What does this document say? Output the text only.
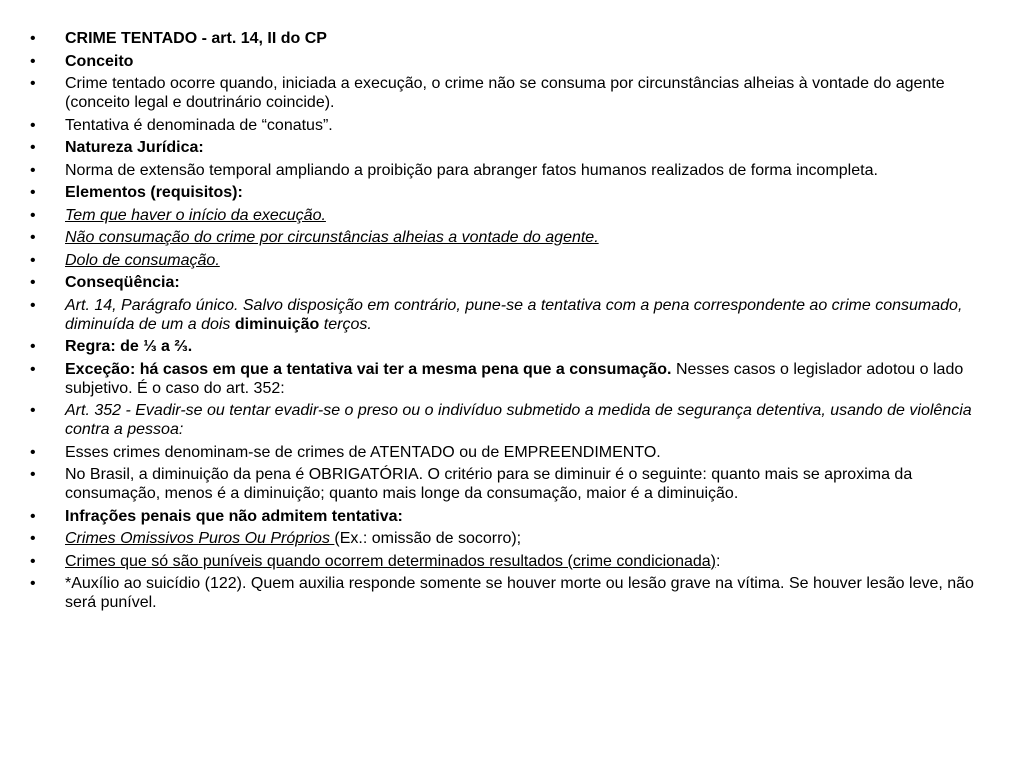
•	CRIME TENTADO - art. 14, II do CP
•	Conceito
•	Crime tentado ocorre quando, iniciada a execução, o crime não se consuma por circunstâncias alheias à vontade do agente (conceito legal e doutrinário coincide).
•	Tentativa é denominada de “conatus”.
•	Natureza Jurídica:
•	Norma de extensão temporal ampliando a proibição para abranger fatos humanos realizados de forma incompleta.
•	Elementos (requisitos):
•	Tem que haver o início da execução.
•	Não consumação do crime por circunstâncias alheias a vontade do agente.
•	Dolo de consumação.
•	Conseqüência:
•	Art. 14, Parágrafo único. Salvo disposição em contrário, pune-se a tentativa com a pena correspondente ao crime consumado, diminuída de um a dois diminuição terços.
•	Regra: de ⅓ a ⅔.
•	Exceção: há casos em que a tentativa vai ter a mesma pena que a consumação. Nesses casos o legislador adotou o lado subjetivo. É o caso do art. 352:
•	Art. 352 - Evadir-se ou tentar evadir-se o preso ou o indivíduo submetido a medida de segurança detentiva, usando de violência contra a pessoa:
•	Esses crimes denominam-se de crimes de ATENTADO ou de EMPREENDIMENTO.
•	No Brasil, a diminuição da pena é OBRIGATÓRIA. O critério para se diminuir é o seguinte: quanto mais se aproxima da consumação, menos é a diminuição; quanto mais longe da consumação, maior é a diminuição.
•	Infrações penais que não admitem tentativa:
•	Crimes Omissivos Puros Ou Próprios (Ex.: omissão de socorro);
•	Crimes que só são puníveis quando ocorrem determinados resultados (crime condicionada):
•	*Auxílio ao suicídio (122). Quem auxilia responde somente se houver morte ou lesão grave na vítima. Se houver lesão leve, não será punível.
